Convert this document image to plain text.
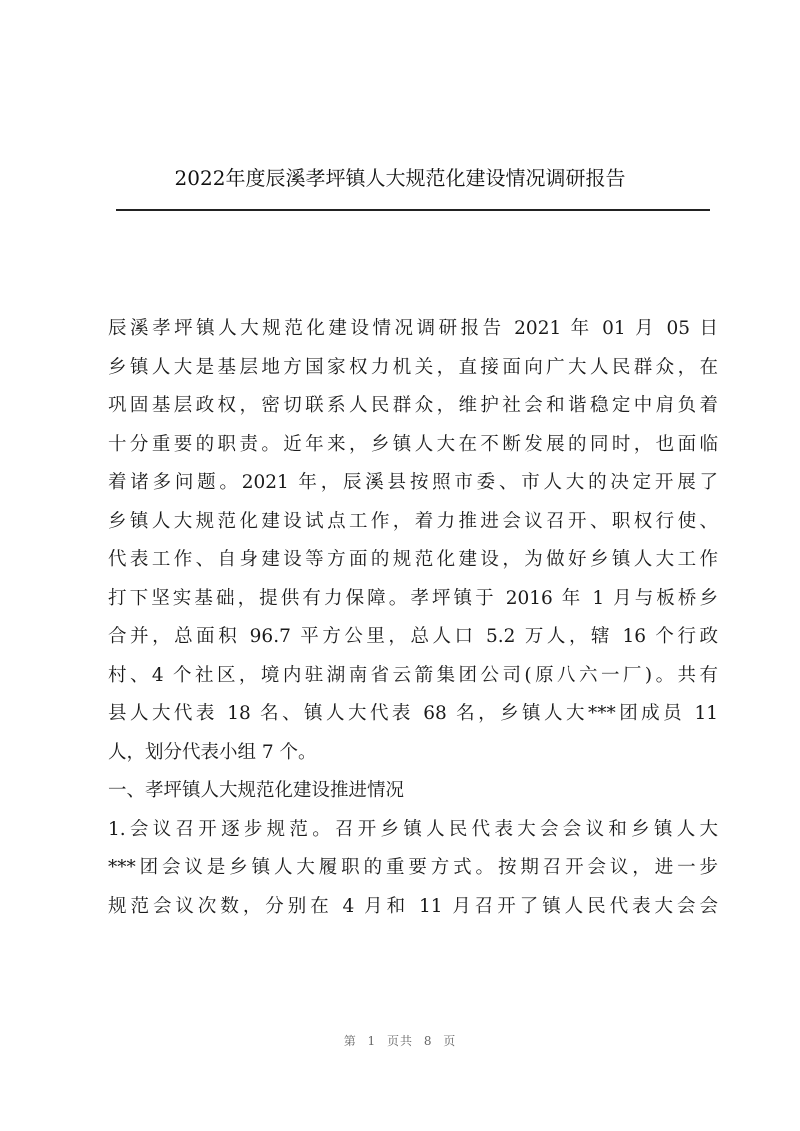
2022年度辰溪孝坪镇人大规范化建设情况调研报告
辰溪孝坪镇人大规范化建设情况调研报告 2021 年 01 月 05 日
乡镇人大是基层地方国家权力机关，直接面向广大人民群众，在
巩固基层政权，密切联系人民群众，维护社会和谐稳定中肩负着
十分重要的职责。近年来，乡镇人大在不断发展的同时，也面临
着诸多问题。2021 年，辰溪县按照市委、市人大的决定开展了
乡镇人大规范化建设试点工作，着力推进会议召开、职权行使、
代表工作、自身建设等方面的规范化建设，为做好乡镇人大工作
打下坚实基础，提供有力保障。孝坪镇于 2016 年 1 月与板桥乡
合并，总面积 96.7 平方公里，总人口 5.2 万人，辖 16 个行政
村、4 个社区，境内驻湖南省云箭集团公司(原八六一厂)。共有
县人大代表 18 名、镇人大代表 68 名，乡镇人大***团成员 11
人，划分代表小组 7 个。
一、孝坪镇人大规范化建设推进情况
1.会议召开逐步规范。召开乡镇人民代表大会会议和乡镇人大
***团会议是乡镇人大履职的重要方式。按期召开会议，进一步
规范会议次数，分别在 4 月和 11 月召开了镇人民代表大会会
第 1 页共 8 页
